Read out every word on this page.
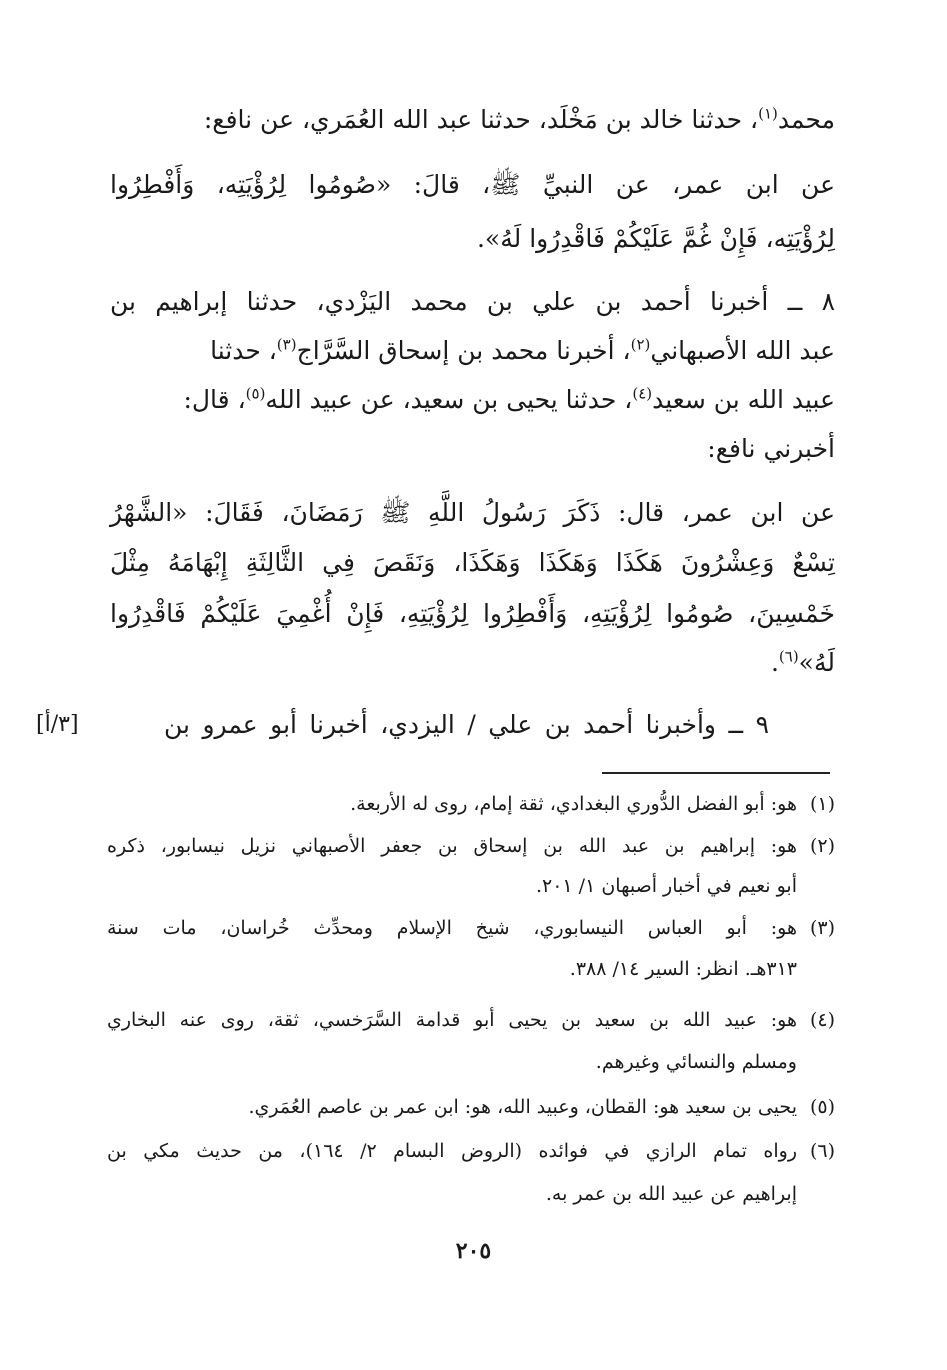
محمد$^{(١)}$، حدثنا خالد بن مَخْلَد، حدثنا عبد الله العُمَري، عن نافع:
عن ابن عمر، عن النبيِّ ﷺ، قالَ: «صُومُوا لِرُؤْيَتِه، وَأَفْطِرُوا
لِرُؤْيَتِه، فَإِنْ غُمَّ عَلَيْكُمْ فَاقْدِرُوا لَهُ».
٨ ــ أخبرنا أحمد بن علي بن محمد اليَزْدي، حدثنا إبراهيم بن
عبد الله الأصبهاني$^{(٢)}$، أخبرنا محمد بن إسحاق السَّرَّاج$^{(٣)}$، حدثنا
عبيد الله بن سعيد$^{(٤)}$، حدثنا يحيى بن سعيد، عن عبيد الله$^{(٥)}$، قال:
أخبرني نافع:
عن ابن عمر، قال: ذَكَرَ رَسُولُ اللَّهِ ﷺ رَمَضَانَ، فَقَالَ: «الشَّهْرُ
تِسْعٌ وَعِشْرُونَ هَكَذَا وَهَكَذَا وَهَكَذَا، وَنَقَصَ فِي الثَّالِثَةِ إِبْهَامَهُ مِثْلَ
خَمْسِينَ، صُومُوا لِرُؤْيَتِهِ، وَأَفْطِرُوا لِرُؤْيَتِهِ، فَإِنْ أُغْمِيَ عَلَيْكُمْ فَاقْدِرُوا
لَهُ»$^{(٦)}$.
٩ ــ وأخبرنا أحمد بن علي / اليزدي، أخبرنا أبو عمرو بن
[٣/أ]
(١)
هو: أبو الفضل الدُّوري البغدادي، ثقة إمام، روى له الأربعة.
(٢)
هو: إبراهيم بن عبد الله بن إسحاق بن جعفر الأصبهاني نزيل نيسابور، ذكره
أبو نعيم في أخبار أصبهان ١/ ٢٠١.
(٣)
هو: أبو العباس النيسابوري، شيخ الإسلام ومحدِّث خُراسان، مات سنة
٣١٣هـ. انظر: السير ١٤/ ٣٨٨.
(٤)
هو: عبيد الله بن سعيد بن يحيى أبو قدامة السَّرَخسي، ثقة، روى عنه البخاري
ومسلم والنسائي وغيرهم.
(٥)
يحيى بن سعيد هو: القطان، وعبيد الله، هو: ابن عمر بن عاصم العُمَري.
(٦)
رواه تمام الرازي في فوائده (الروض البسام ٢/ ١٦٤)، من حديث مكي بن
إبراهيم عن عبيد الله بن عمر به.
٢٠٥
